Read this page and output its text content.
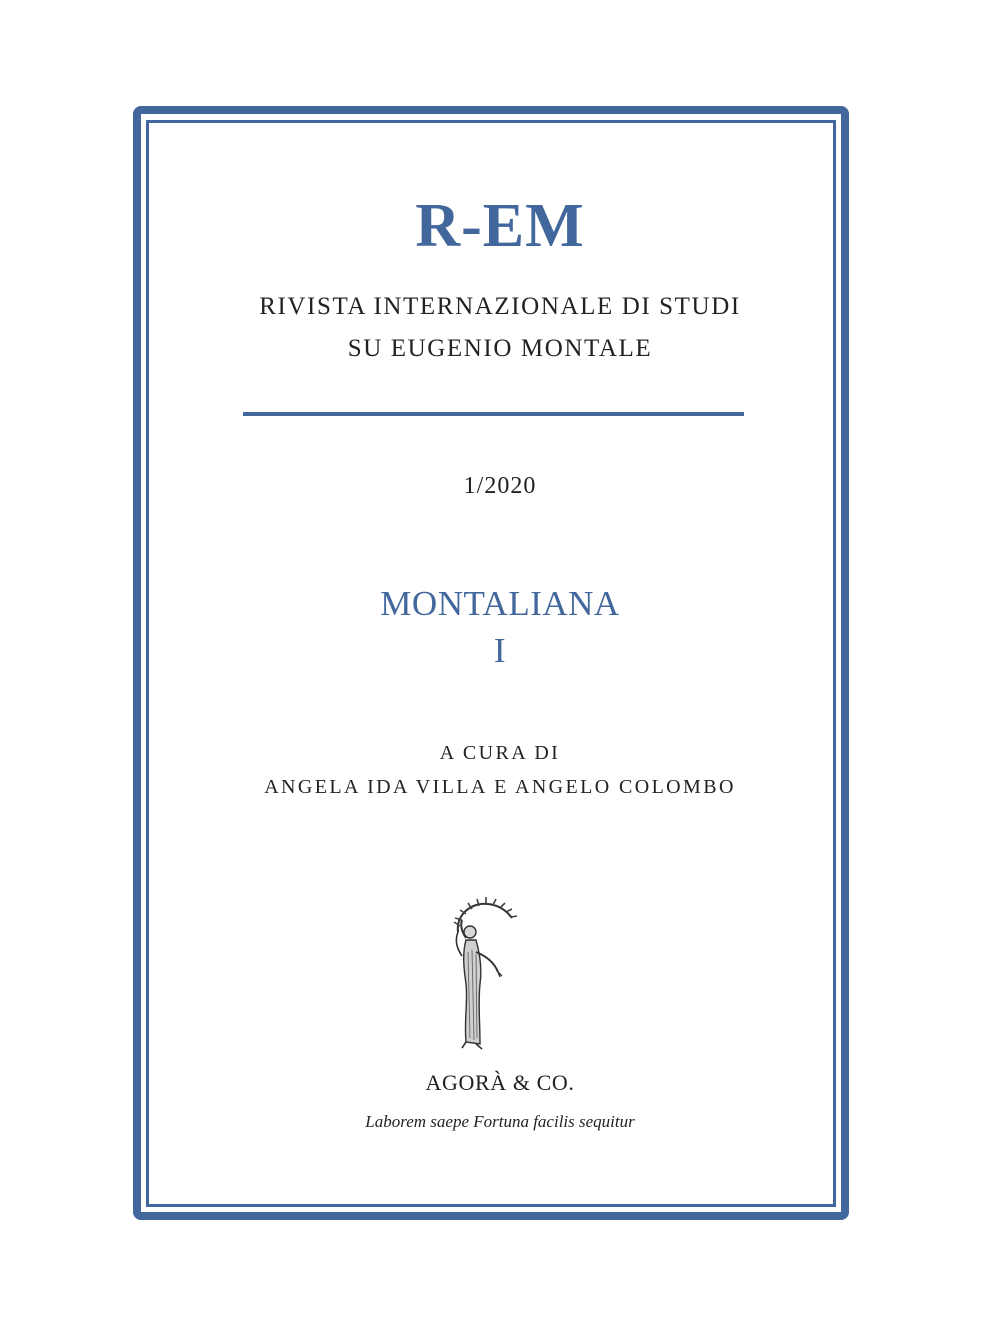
R-EM
RIVISTA INTERNAZIONALE DI STUDI
SU EUGENIO MONTALE
1/2020
MONTALIANA
I
A CURA DI
ANGELA IDA VILLA E ANGELO COLOMBO
AGORÀ & CO.
Laborem saepe Fortuna facilis sequitur
